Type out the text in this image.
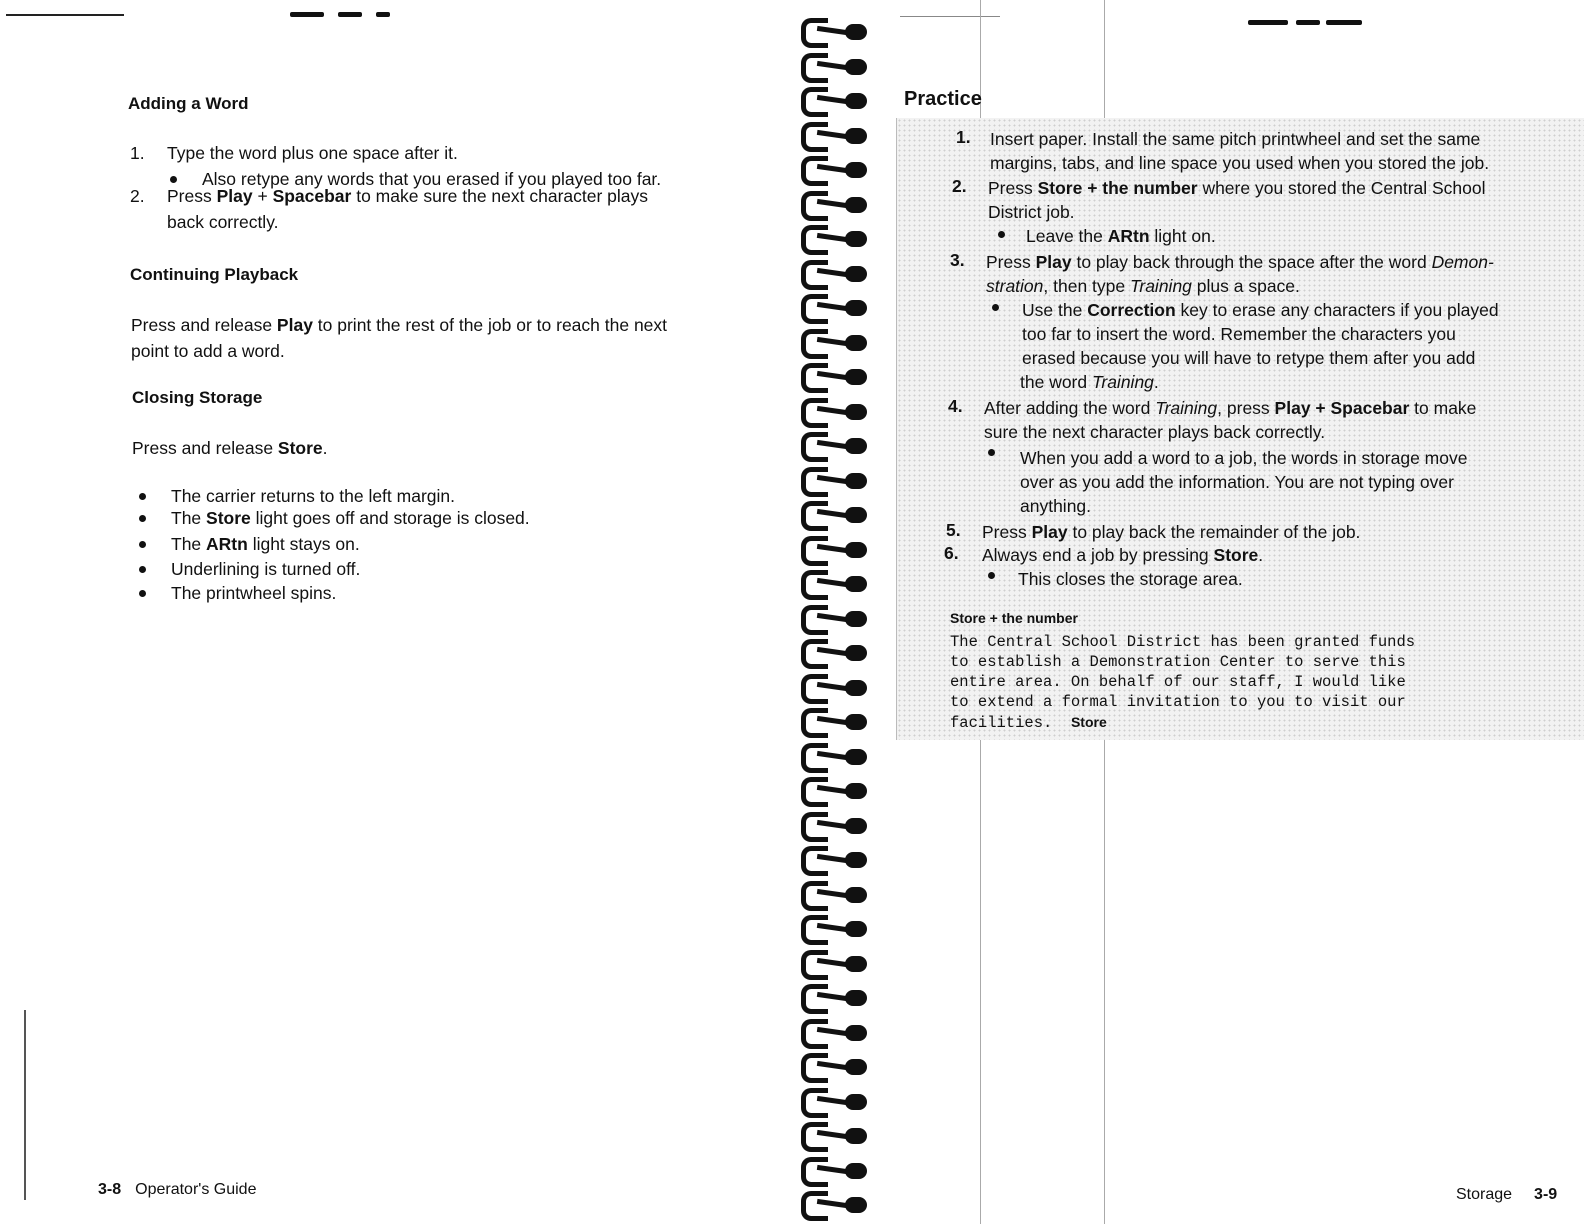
Adding a Word
1. Type the word plus one space after it.
Also retype any words that you erased if you played too far.
2. Press Play + Spacebar to make sure the next character plays
back correctly.
Continuing Playback
Press and release Play to print the rest of the job or to reach the next
point to add a word.
Closing Storage
Press and release Store.
The carrier returns to the left margin.
The Store light goes off and storage is closed.
The ARtn light stays on.
Underlining is turned off.
The printwheel spins.
3-8 Operator's Guide
Practice
1. Insert paper. Install the same pitch printwheel and set the same
margins, tabs, and line space you used when you stored the job.
2. Press Store + the number where you stored the Central School
District job.
Leave the ARtn light on.
3. Press Play to play back through the space after the word Demon-
stration, then type Training plus a space.
Use the Correction key to erase any characters if you played
too far to insert the word. Remember the characters you
erased because you will have to retype them after you add
the word Training.
4. After adding the word Training, press Play + Spacebar to make
sure the next character plays back correctly.
When you add a word to a job, the words in storage move
over as you add the information. You are not typing over
anything.
5. Press Play to play back the remainder of the job.
6. Always end a job by pressing Store.
This closes the storage area.
Store + the number
The Central School District has been granted funds
to establish a Demonstration Center to serve this
entire area. On behalf of our staff, I would like
to extend a formal invitation to you to visit our
facilities. Store
Storage 3-9
